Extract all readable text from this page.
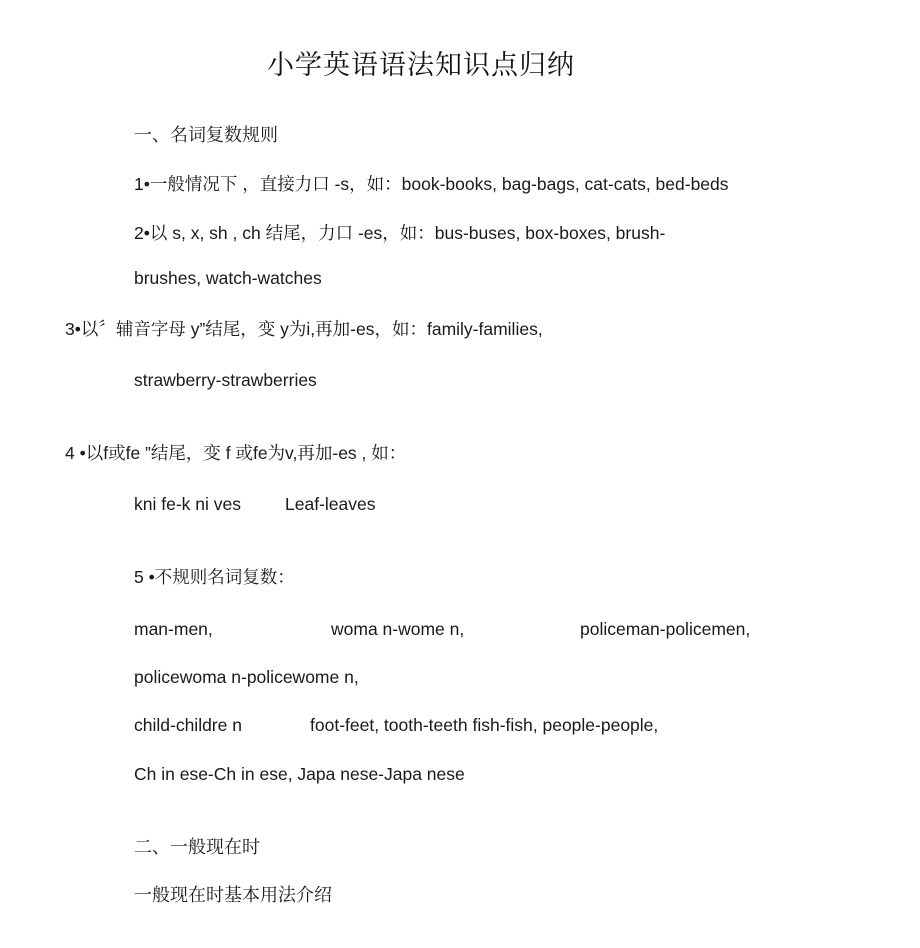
小学英语语法知识点归纳
一、名词复数规则
1•一般情况下 ，直接力口 -s，如：book-books, bag-bags, cat-cats, bed-beds
2•以 s, x, sh , ch 结尾，力口 -es，如：bus-buses, box-boxes, brush-
brushes, watch-watches
3•以〞辅音字母 y”结尾，变 y为i,再加-es，如：family-families,
strawberry-strawberries
4 •以f或fe ”结尾，变 f 或fe为v,再加-es , 如：
kni fe-k ni ves	Leaf-leaves
5 •不规则名词复数：
man-men,	woma n-wome n,	policeman-policemen,
policewoma n-policewome n,
child-childre n	foot-feet, tooth-teeth fish-fish, people-people,
Ch in ese-Ch in ese, Japa nese-Japa nese
二、一般现在时
一般现在时基本用法介绍
